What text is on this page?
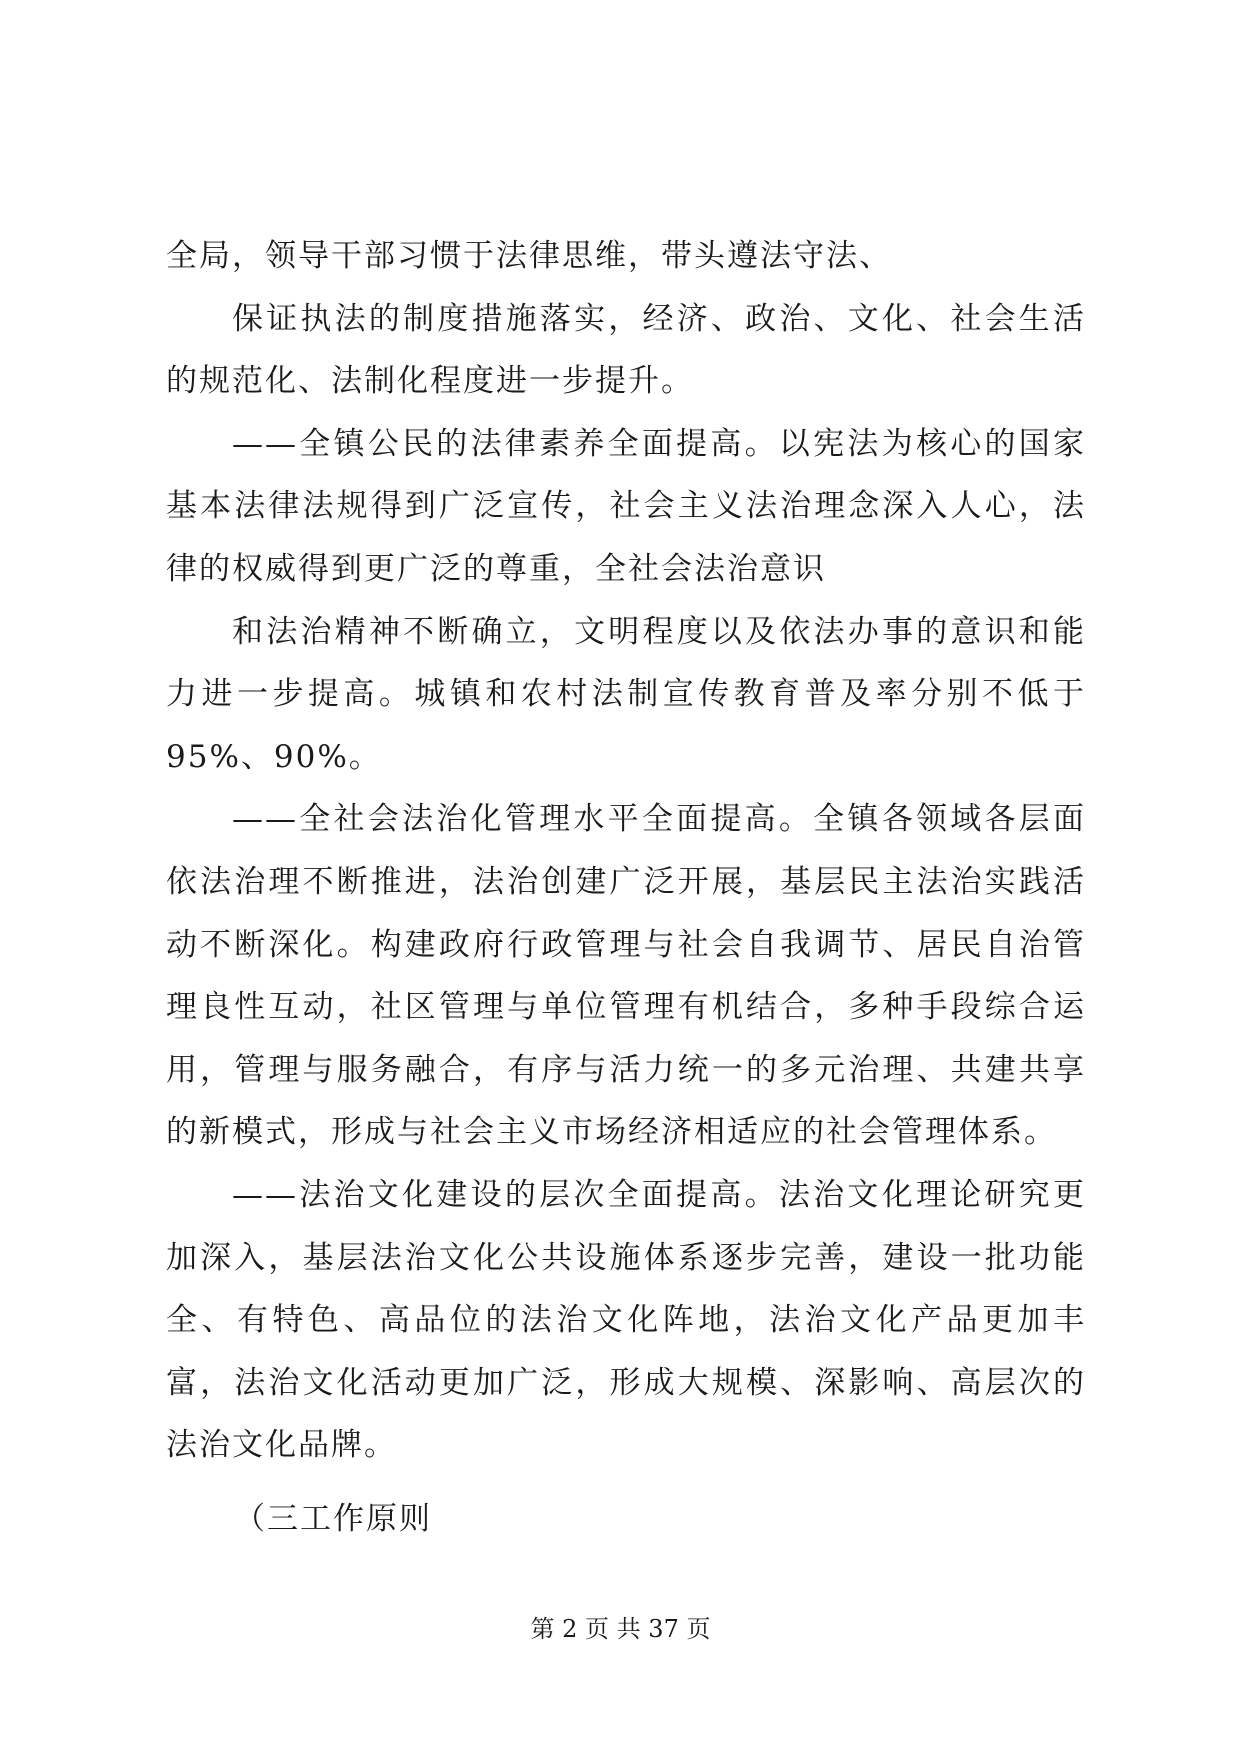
全局，领导干部习惯于法律思维，带头遵法守法、

保证执法的制度措施落实，经济、政治、文化、社会生活的规范化、法制化程度进一步提升。

——全镇公民的法律素养全面提高。以宪法为核心的国家基本法律法规得到广泛宣传，社会主义法治理念深入人心，法律的权威得到更广泛的尊重，全社会法治意识

和法治精神不断确立，文明程度以及依法办事的意识和能力进一步提高。城镇和农村法制宣传教育普及率分别不低于 95%、90%。

——全社会法治化管理水平全面提高。全镇各领域各层面依法治理不断推进，法治创建广泛开展，基层民主法治实践活动不断深化。构建政府行政管理与社会自我调节、居民自治管理良性互动，社区管理与单位管理有机结合，多种手段综合运用，管理与服务融合，有序与活力统一的多元治理、共建共享的新模式，形成与社会主义市场经济相适应的社会管理体系。

——法治文化建设的层次全面提高。法治文化理论研究更加深入，基层法治文化公共设施体系逐步完善，建设一批功能全、有特色、高品位的法治文化阵地，法治文化产品更加丰富，法治文化活动更加广泛，形成大规模、深影响、高层次的法治文化品牌。

（三工作原则

第 2 页 共 37 页
